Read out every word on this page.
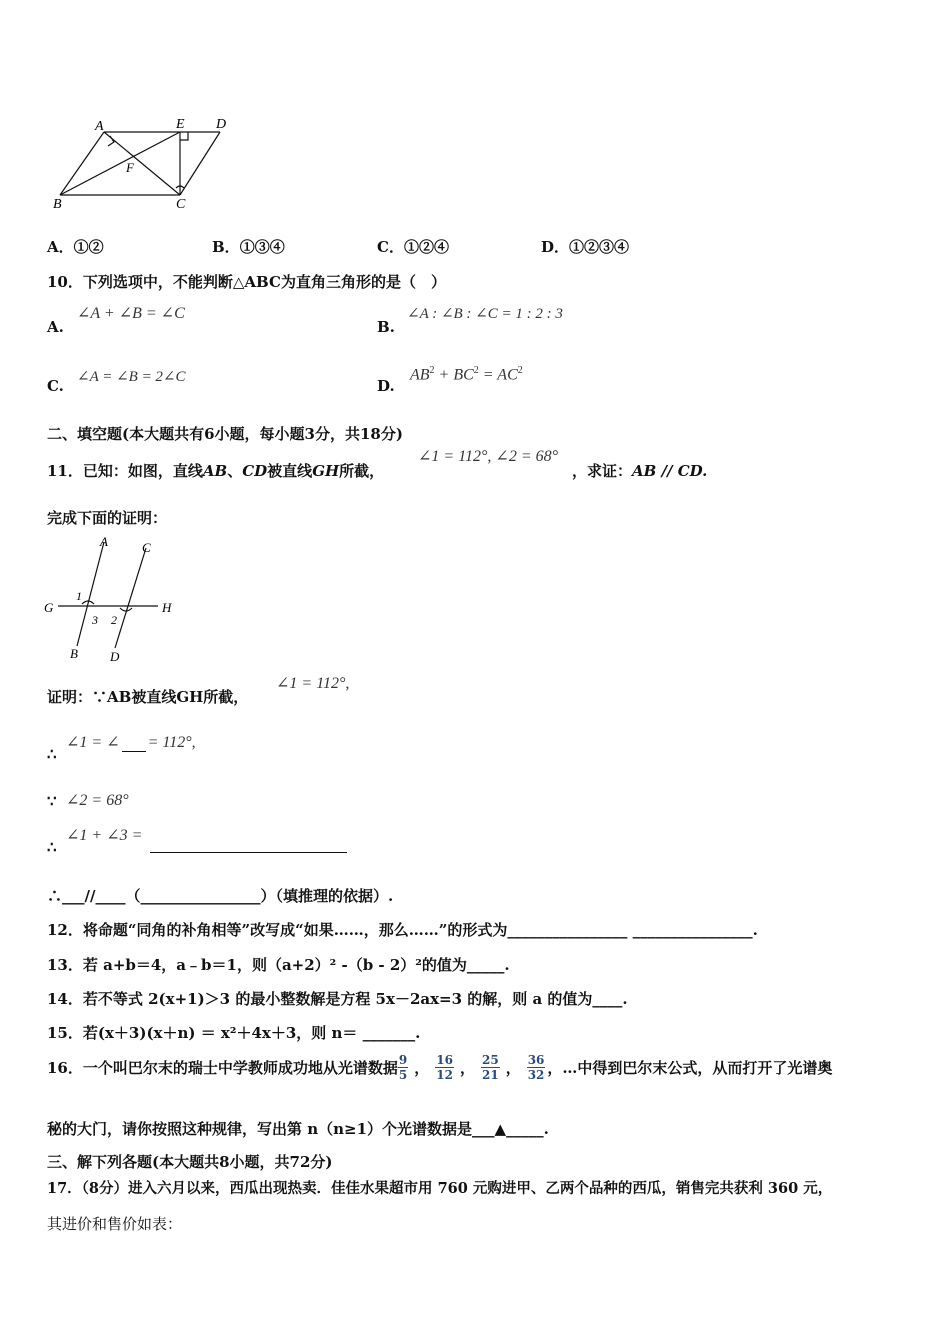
A	E D
F
B	C
A．①②	B．①③④	C．①②④	D．①②③④
10．下列选项中，不能判断△ABC为直角三角形的是（　）
A.
∠A + ∠B = ∠C
B.
∠A : ∠B : ∠C = 1 : 2 : 3
C. ∠A = ∠B = 2∠C	D.
$AB^2 + BC^2 = AC^2$
二、填空题(本大题共有6小题，每小题3分，共18分)
11．已知：如图，直线AB、CD被直线GH所截，
∠1 = 112°, ∠2 = 68°
，求证：AB // CD.
完成下面的证明：
A	C
G	H
1
3 2
B D
证明：∵AB被直线GH所截，
∠1 = 112°,
∴
∠1 = ∠ = 112°,
∵ ∠2 = 68°
∴
∠1 + ∠3 =
∴___//____（________________）（填推理的依据）.
12．将命题“同角的补角相等”改写成“如果……，那么……”的形式为________________ ________________.
13．若 a+b＝4，a﹣b＝1，则（a+2）² -（b - 2）²的值为_____.
14．若不等式 2(x+1)＞3 的最小整数解是方程 5x－2ax=3 的解，则 a 的值为____.
15．若(x＋3)(x＋n) ＝ x²＋4x＋3，则 n＝ _______.
16．一个叫巴尔末的瑞士中学教师成功地从光谱数据 $\frac{9}{5}$ ， $\frac{16}{12}$ ， $\frac{25}{21}$ ， $\frac{36}{32}$ ，…中得到巴尔末公式，从而打开了光谱奥
秘的大门，请你按照这种规律，写出第 n（n≥1）个光谱数据是___▲_____.
三、解下列各题(本大题共8小题，共72分)
17．（8分）进入六月以来，西瓜出现热卖．佳佳水果超市用 760 元购进甲、乙两个品种的西瓜，销售完共获利 360 元，
其进价和售价如表：
